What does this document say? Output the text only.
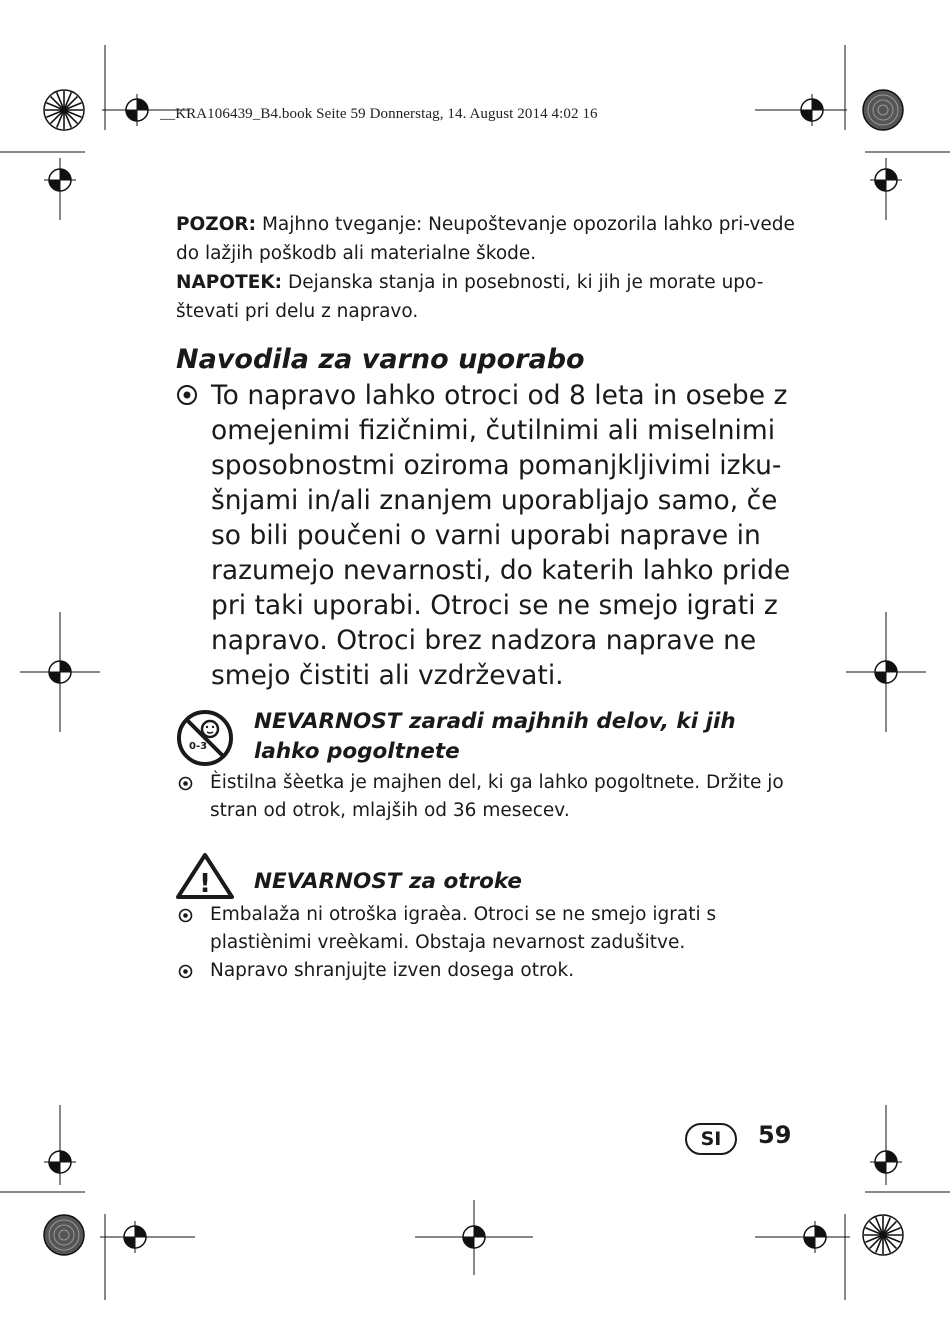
__KRA106439_B4.book Seite 59 Donnerstag, 14. August 2014 4:02 16

POZOR: Majhno tveganje: Neupoštevanje opozorila lahko pri-vede do lažjih poškodb ali materialne škode.

NAPOTEK: Dejanska stanja in posebnosti, ki jih je morate upo-števati pri delu z napravo.

Navodila za varno uporabo
To napravo lahko otroci od 8 leta in osebe z omejenimi fizičnimi, čutilnimi ali miselnimi sposobnostmi oziroma pomanjkljivimi izku-šnjami in/ali znanjem uporabljajo samo, če so bili poučeni o varni uporabi naprave in razumejo nevarnosti, do katerih lahko pride pri taki uporabi. Otroci se ne smejo igrati z napravo. Otroci brez nadzora naprave ne smejo čistiti ali vzdrževati.
0-3
NEVARNOST zaradi majhnih delov, ki jih lahko pogoltnete
Èistilna šèetka je majhen del, ki ga lahko pogoltnete. Držite jo stran od otrok, mlajših od 36 mesecev.
! NEVARNOST za otroke
Embalaža ni otroška igraèa. Otroci se ne smejo igrati s plastiènimi vreèkami. Obstaja nevarnost zadušitve.
Napravo shranjujte izven dosega otrok.
SI	59
